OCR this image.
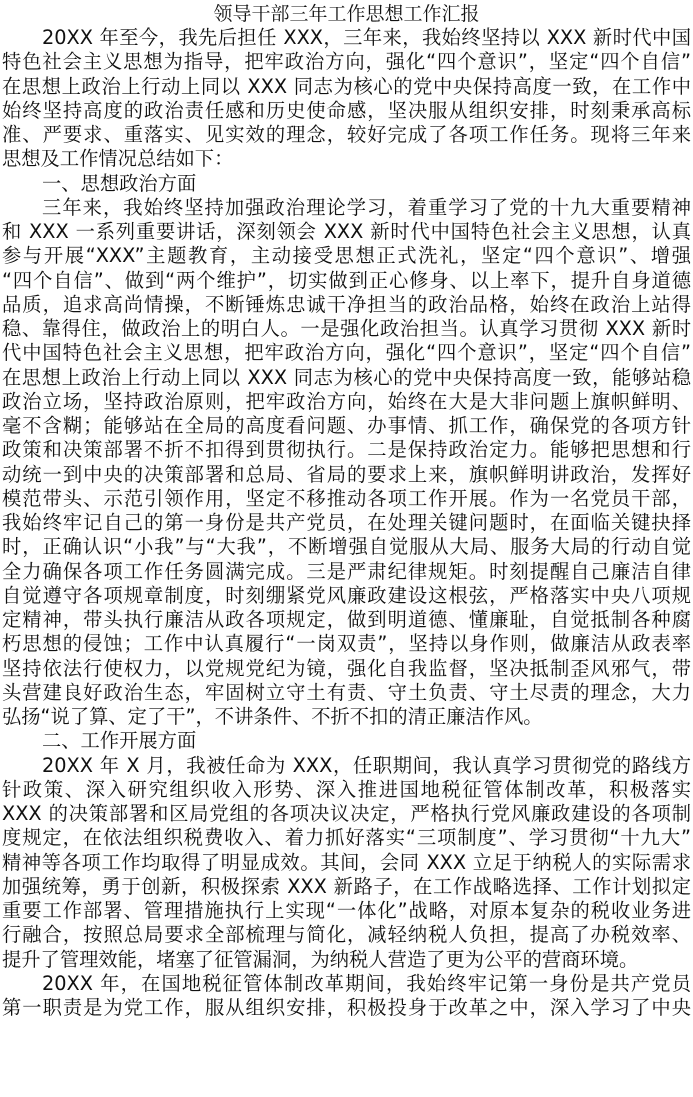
领导干部三年工作思想工作汇报
20XX 年至今，我先后担任 XXX，三年来，我始终坚持以 XXX 新时代中国
特色社会主义思想为指导，把牢政治方向，强化“四个意识”，坚定“四个自信”
在思想上政治上行动上同以 XXX 同志为核心的党中央保持高度一致，在工作中
始终坚持高度的政治责任感和历史使命感，坚决服从组织安排，时刻秉承高标
准、严要求、重落实、见实效的理念，较好完成了各项工作任务。现将三年来
思想及工作情况总结如下：
一、思想政治方面
三年来，我始终坚持加强政治理论学习，着重学习了党的十九大重要精神
和 XXX 一系列重要讲话，深刻领会 XXX 新时代中国特色社会主义思想，认真
参与开展“XXX”主题教育，主动接受思想正式洗礼，坚定“四个意识”、增强
“四个自信”、做到“两个维护”，切实做到正心修身、以上率下，提升自身道德
品质，追求高尚情操，不断锤炼忠诚干净担当的政治品格，始终在政治上站得
稳、靠得住，做政治上的明白人。一是强化政治担当。认真学习贯彻 XXX 新时
代中国特色社会主义思想，把牢政治方向，强化“四个意识”，坚定“四个自信”
在思想上政治上行动上同以 XXX 同志为核心的党中央保持高度一致，能够站稳
政治立场，坚持政治原则，把牢政治方向，始终在大是大非问题上旗帜鲜明、
毫不含糊；能够站在全局的高度看问题、办事情、抓工作，确保党的各项方针
政策和决策部署不折不扣得到贯彻执行。二是保持政治定力。能够把思想和行
动统一到中央的决策部署和总局、省局的要求上来，旗帜鲜明讲政治，发挥好
模范带头、示范引领作用，坚定不移推动各项工作开展。作为一名党员干部，
我始终牢记自己的第一身份是共产党员，在处理关键问题时，在面临关键抉择
时，正确认识“小我”与“大我”，不断增强自觉服从大局、服务大局的行动自觉
全力确保各项工作任务圆满完成。三是严肃纪律规矩。时刻提醒自己廉洁自律
自觉遵守各项规章制度，时刻绷紧党风廉政建设这根弦，严格落实中央八项规
定精神，带头执行廉洁从政各项规定，做到明道德、懂廉耻，自觉抵制各种腐
朽思想的侵蚀；工作中认真履行“一岗双责”，坚持以身作则，做廉洁从政表率
坚持依法行使权力，以党规党纪为镜，强化自我监督，坚决抵制歪风邪气，带
头营建良好政治生态，牢固树立守土有责、守土负责、守土尽责的理念，大力
弘扬“说了算、定了干”，不讲条件、不折不扣的清正廉洁作风。
二、工作开展方面
20XX 年 X 月，我被任命为 XXX，任职期间，我认真学习贯彻党的路线方
针政策、深入研究组织收入形势、深入推进国地税征管体制改革，积极落实
XXX 的决策部署和区局党组的各项决议决定，严格执行党风廉政建设的各项制
度规定，在依法组织税费收入、着力抓好落实“三项制度”、学习贯彻“十九大”
精神等各项工作均取得了明显成效。其间，会同 XXX 立足于纳税人的实际需求
加强统筹，勇于创新，积极探索 XXX 新路子，在工作战略选择、工作计划拟定
重要工作部署、管理措施执行上实现“一体化”战略，对原本复杂的税收业务进
行融合，按照总局要求全部梳理与简化，减轻纳税人负担，提高了办税效率、
提升了管理效能，堵塞了征管漏洞，为纳税人营造了更为公平的营商环境。
20XX 年，在国地税征管体制改革期间，我始终牢记第一身份是共产党员
第一职责是为党工作，服从组织安排，积极投身于改革之中，深入学习了中央
